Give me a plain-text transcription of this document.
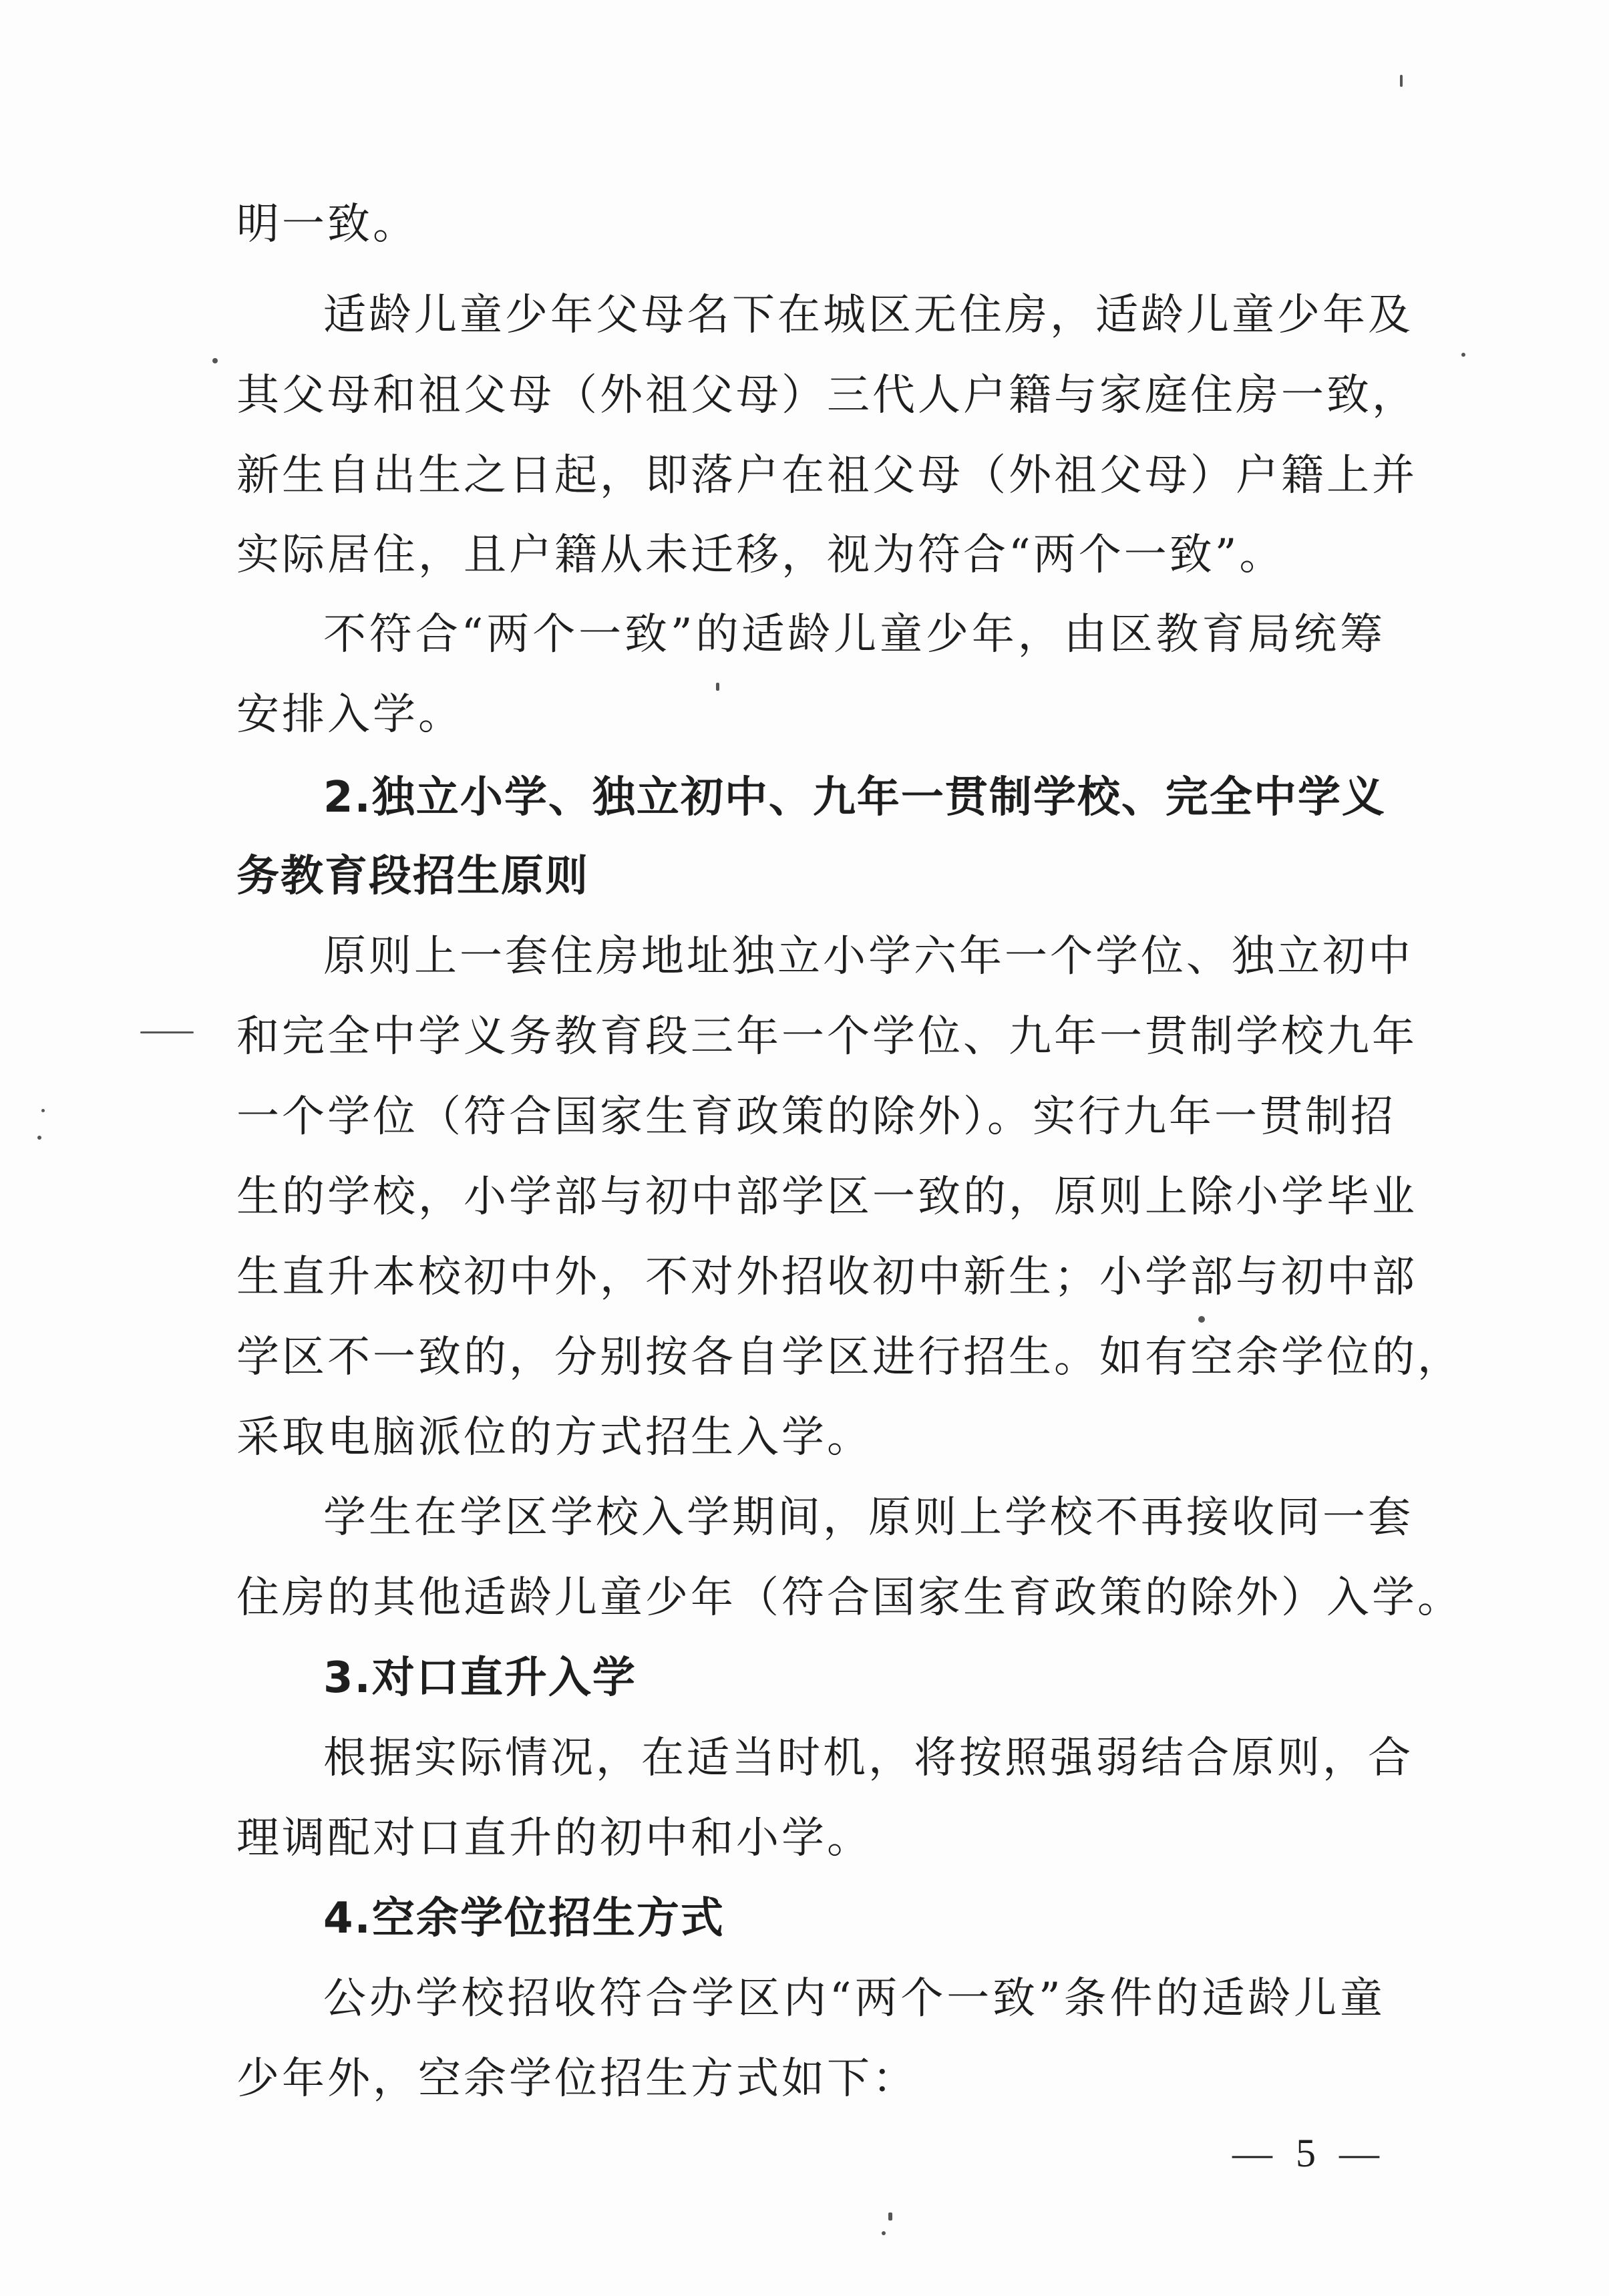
明一致。
适龄儿童少年父母名下在城区无住房，适龄儿童少年及
其父母和祖父母（外祖父母）三代人户籍与家庭住房一致，
新生自出生之日起，即落户在祖父母（外祖父母）户籍上并
实际居住，且户籍从未迁移，视为符合“两个一致”。
不符合“两个一致”的适龄儿童少年，由区教育局统筹
安排入学。
2.独立小学、独立初中、九年一贯制学校、完全中学义
务教育段招生原则
原则上一套住房地址独立小学六年一个学位、独立初中
和完全中学义务教育段三年一个学位、九年一贯制学校九年
一个学位（符合国家生育政策的除外）。实行九年一贯制招
生的学校，小学部与初中部学区一致的，原则上除小学毕业
生直升本校初中外，不对外招收初中新生；小学部与初中部
学区不一致的，分别按各自学区进行招生。如有空余学位的，
采取电脑派位的方式招生入学。
学生在学区学校入学期间，原则上学校不再接收同一套
住房的其他适龄儿童少年（符合国家生育政策的除外）入学。
3.对口直升入学
根据实际情况，在适当时机，将按照强弱结合原则，合
理调配对口直升的初中和小学。
4.空余学位招生方式
公办学校招收符合学区内“两个一致”条件的适龄儿童
少年外，空余学位招生方式如下：
— 5 —
